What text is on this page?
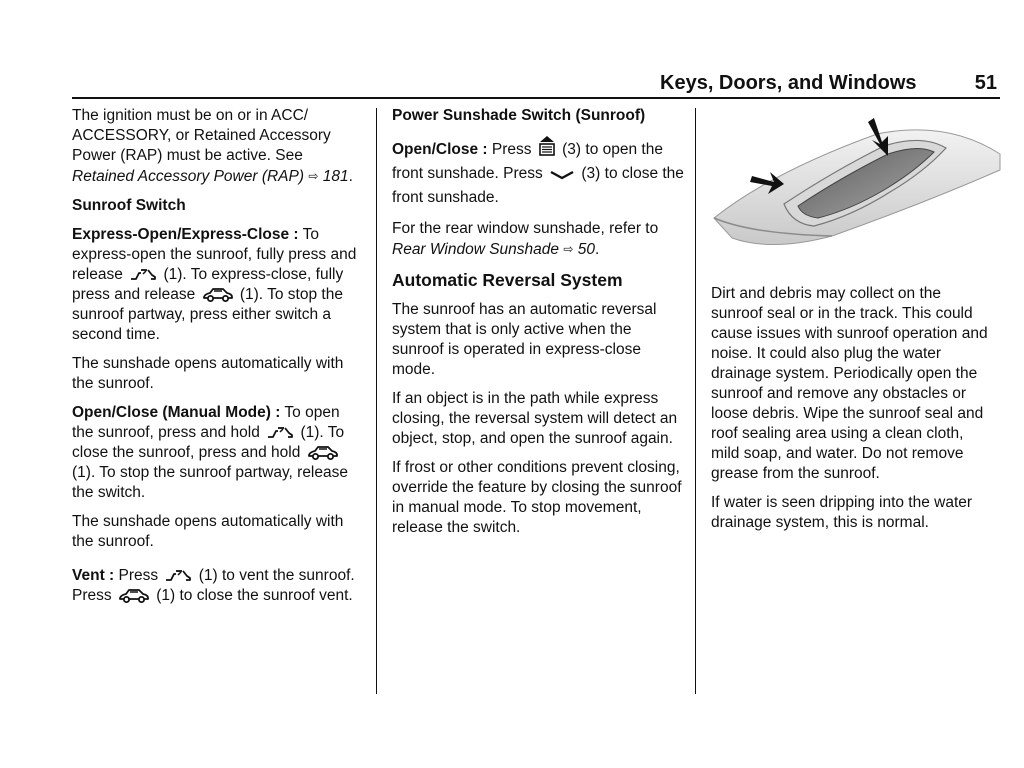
Keys, Doors, and Windows	51

The ignition must be on or in ACC/ ACCESSORY, or Retained Accessory Power (RAP) must be active. See Retained Accessory Power (RAP) ⇨ 181.

Sunroof Switch

Express-Open/Express-Close : To express-open the sunroof, fully press and release
(1). To express-close, fully press and release
(1). To stop the sunroof partway, press either switch a second time.

The sunshade opens automatically with the sunroof.

Open/Close (Manual Mode) : To open the sunroof, press and hold
(1). To close the sunroof, press and hold
(1). To stop the sunroof partway, release the switch.

The sunshade opens automatically with the sunroof.

Vent : Press
(1) to vent the sunroof. Press
(1) to close the sunroof vent.

Power Sunshade Switch (Sunroof)

Open/Close : Press
(3) to open the front sunshade. Press
(3) to close the front sunshade.

For the rear window sunshade, refer to Rear Window Sunshade ⇨ 50.

Automatic Reversal System

The sunroof has an automatic reversal system that is only active when the sunroof is operated in express-close mode.

If an object is in the path while express closing, the reversal system will detect an object, stop, and open the sunroof again.

If frost or other conditions prevent closing, override the feature by closing the sunroof in manual mode. To stop movement, release the switch.

Dirt and debris may collect on the sunroof seal or in the track. This could cause issues with sunroof operation and noise. It could also plug the water drainage system. Periodically open the sunroof and remove any obstacles or loose debris. Wipe the sunroof seal and roof sealing area using a clean cloth, mild soap, and water. Do not remove grease from the sunroof.

If water is seen dripping into the water drainage system, this is normal.
